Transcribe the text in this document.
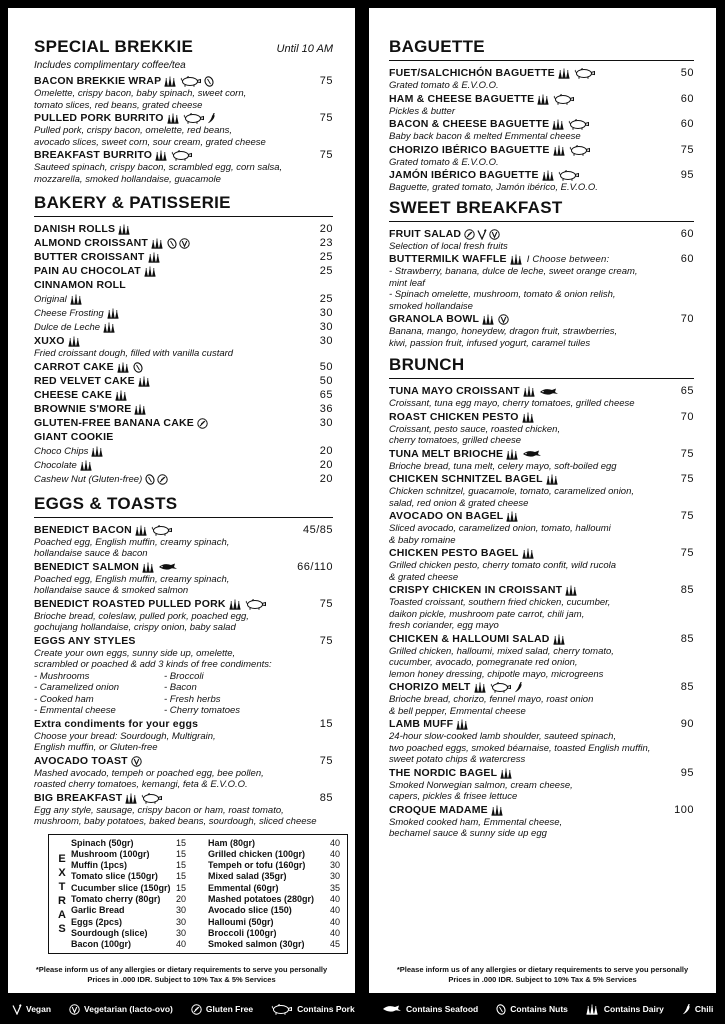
SPECIAL BREKKIE	Until 10 AM
Includes complimentary coffee/tea
BACON BREKKIE WRAP	75
Omelette, crispy bacon, baby spinach, sweet corn,
tomato slices, red beans, grated cheese
PULLED PORK BURRITO	75
Pulled pork, crispy bacon, omelette, red beans,
avocado slices, sweet corn, sour cream, grated cheese
BREAKFAST BURRITO	75
Sauteed spinach, crispy bacon, scrambled egg, corn salsa,
mozzarella, smoked hollandaise, guacamole
BAKERY & PATISSERIE
DANISH ROLLS	20
ALMOND CROISSANT	23
BUTTER CROISSANT	25
PAIN AU CHOCOLAT	25
CINNAMON ROLL
Original	25
Cheese Frosting	30
Dulce de Leche	30
XUXO	30
Fried croissant dough, filled with vanilla custard
CARROT CAKE	50
RED VELVET CAKE	50
CHEESE CAKE	65
BROWNIE S'MORE	36
GLUTEN-FREE BANANA CAKE	30
GIANT COOKIE
Choco Chips	20
Chocolate	20
Cashew Nut (Gluten-free)	20
EGGS & TOASTS
BENEDICT BACON	45/85
Poached egg, English muffin, creamy spinach,
hollandaise sauce & bacon
BENEDICT SALMON	66/110
Poached egg, English muffin, creamy spinach,
hollandaise sauce & smoked salmon
BENEDICT ROASTED PULLED PORK	75
Brioche bread, coleslaw, pulled pork, poached egg,
gochujang hollandaise, crispy onion, baby salad
EGGS ANY STYLES	75
Create your own eggs, sunny side up, omelette,
scrambled or poached & add 3 kinds of free condiments:
- Mushrooms	- Broccoli
- Caramelized onion	- Bacon
- Cooked ham	- Fresh herbs
- Emmental cheese	- Cherry tomatoes
Extra condiments for your eggs	15
Choose your bread: Sourdough, Multigrain,
English muffin, or Gluten-free
AVOCADO TOAST	75
Mashed avocado, tempeh or poached egg, bee pollen,
roasted cherry tomatoes, kemangi, feta & E.V.O.O.
BIG BREAKFAST	85
Egg any style, sausage, crispy bacon or ham, roast tomato,
mushroom, baby potatoes, baked beans, sourdough, sliced cheese
E
X
T
R
A
S
Spinach (50gr)	15
Mushroom (100gr)	15
Muffin (1pcs)	15
Tomato slice (150gr)	15
Cucumber slice (150gr) 15
Tomato cherry (80gr)	20
Garlic Bread	30
Eggs (2pcs)	30
Sourdough (slice)	30
Bacon (100gr)	40
Ham (80gr)	40
Grilled chicken (100gr)	40
Tempeh or tofu (160gr)	30
Mixed salad (35gr)	30
Emmental (60gr)	35
Mashed potatoes (280gr)	40
Avocado slice (150)	40
Halloumi (50gr)	40
Broccoli (100gr)	40
Smoked salmon (30gr)	45
*Please inform us of any allergies or dietary requirements to serve you personally
Prices in .000 IDR. Subject to 10% Tax & 5% Services
BAGUETTE
FUET/SALCHICHÓN BAGUETTE	50
Grated tomato & E.V.O.O.
HAM & CHEESE BAGUETTE	60
Pickles & butter
BACON & CHEESE BAGUETTE	60
Baby back bacon & melted Emmental cheese
CHORIZO IBÉRICO BAGUETTE	75
Grated tomato & E.V.O.O.
JAMÓN IBÉRICO BAGUETTE	95
Baguette, grated tomato, Jamón ibérico, E.V.O.O.
SWEET BREAKFAST
FRUIT SALAD	60
Selection of local fresh fruits
BUTTERMILK WAFFLE I Choose between:	60
- Strawberry, banana, dulce de leche, sweet orange cream,
mint leaf
- Spinach omelette, mushroom, tomato & onion relish,
smoked hollandaise
GRANOLA BOWL	70
Banana, mango, honeydew, dragon fruit, strawberries,
kiwi, passion fruit, infused yogurt, caramel tuiles
BRUNCH
TUNA MAYO CROISSANT	65
Croissant, tuna egg mayo, cherry tomatoes, grilled cheese
ROAST CHICKEN PESTO	70
Croissant, pesto sauce, roasted chicken,
cherry tomatoes, grilled cheese
TUNA MELT BRIOCHE	75
Brioche bread, tuna melt, celery mayo, soft-boiled egg
CHICKEN SCHNITZEL BAGEL	75
Chicken schnitzel, guacamole, tomato, caramelized onion,
salad, red onion & grated cheese
AVOCADO ON BAGEL	75
Sliced avocado, caramelized onion, tomato, halloumi
& baby romaine
CHICKEN PESTO BAGEL	75
Grilled chicken pesto, cherry tomato confit, wild rucola
& grated cheese
CRISPY CHICKEN IN CROISSANT	85
Toasted croissant, southern fried chicken, cucumber,
daikon pickle, mushroom pate carrot, chili jam,
fresh coriander, egg mayo
CHICKEN & HALLOUMI SALAD	85
Grilled chicken, halloumi, mixed salad, cherry tomato,
cucumber, avocado, pomegranate red onion,
lemon honey dressing, chipotle mayo, microgreens
CHORIZO MELT	85
Brioche bread, chorizo, fennel mayo, roast onion
& bell pepper, Emmental cheese
LAMB MUFF	90
24-hour slow-cooked lamb shoulder, sauteed spinach,
two poached eggs, smoked béarnaise, toasted English muffin,
sweet potato chips & watercress
THE NORDIC BAGEL	95
Smoked Norwegian salmon, cream cheese,
capers, pickles & frisee lettuce
CROQUE MADAME	100
Smoked cooked ham, Emmental cheese,
bechamel sauce & sunny side up egg
*Please inform us of any allergies or dietary requirements to serve you personally
Prices in .000 IDR. Subject to 10% Tax & 5% Services
Vegan	Vegetarian (lacto-ovo)	Gluten Free	Contains Pork	Contains Seafood	Contains Nuts	Contains Dairy	Chili
